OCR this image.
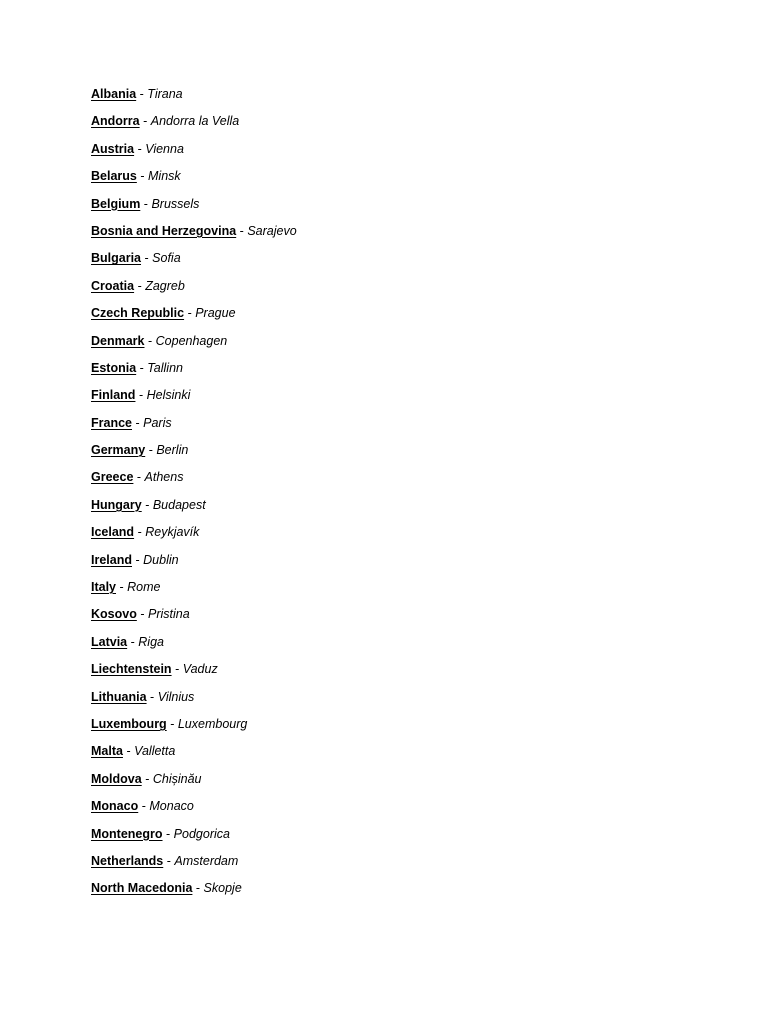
Albania - Tirana
Andorra - Andorra la Vella
Austria - Vienna
Belarus - Minsk
Belgium - Brussels
Bosnia and Herzegovina - Sarajevo
Bulgaria - Sofia
Croatia - Zagreb
Czech Republic - Prague
Denmark - Copenhagen
Estonia - Tallinn
Finland - Helsinki
France - Paris
Germany - Berlin
Greece - Athens
Hungary - Budapest
Iceland - Reykjavík
Ireland - Dublin
Italy - Rome
Kosovo - Pristina
Latvia - Riga
Liechtenstein - Vaduz
Lithuania - Vilnius
Luxembourg - Luxembourg
Malta - Valletta
Moldova - Chișinău
Monaco - Monaco
Montenegro - Podgorica
Netherlands - Amsterdam
North Macedonia - Skopje
